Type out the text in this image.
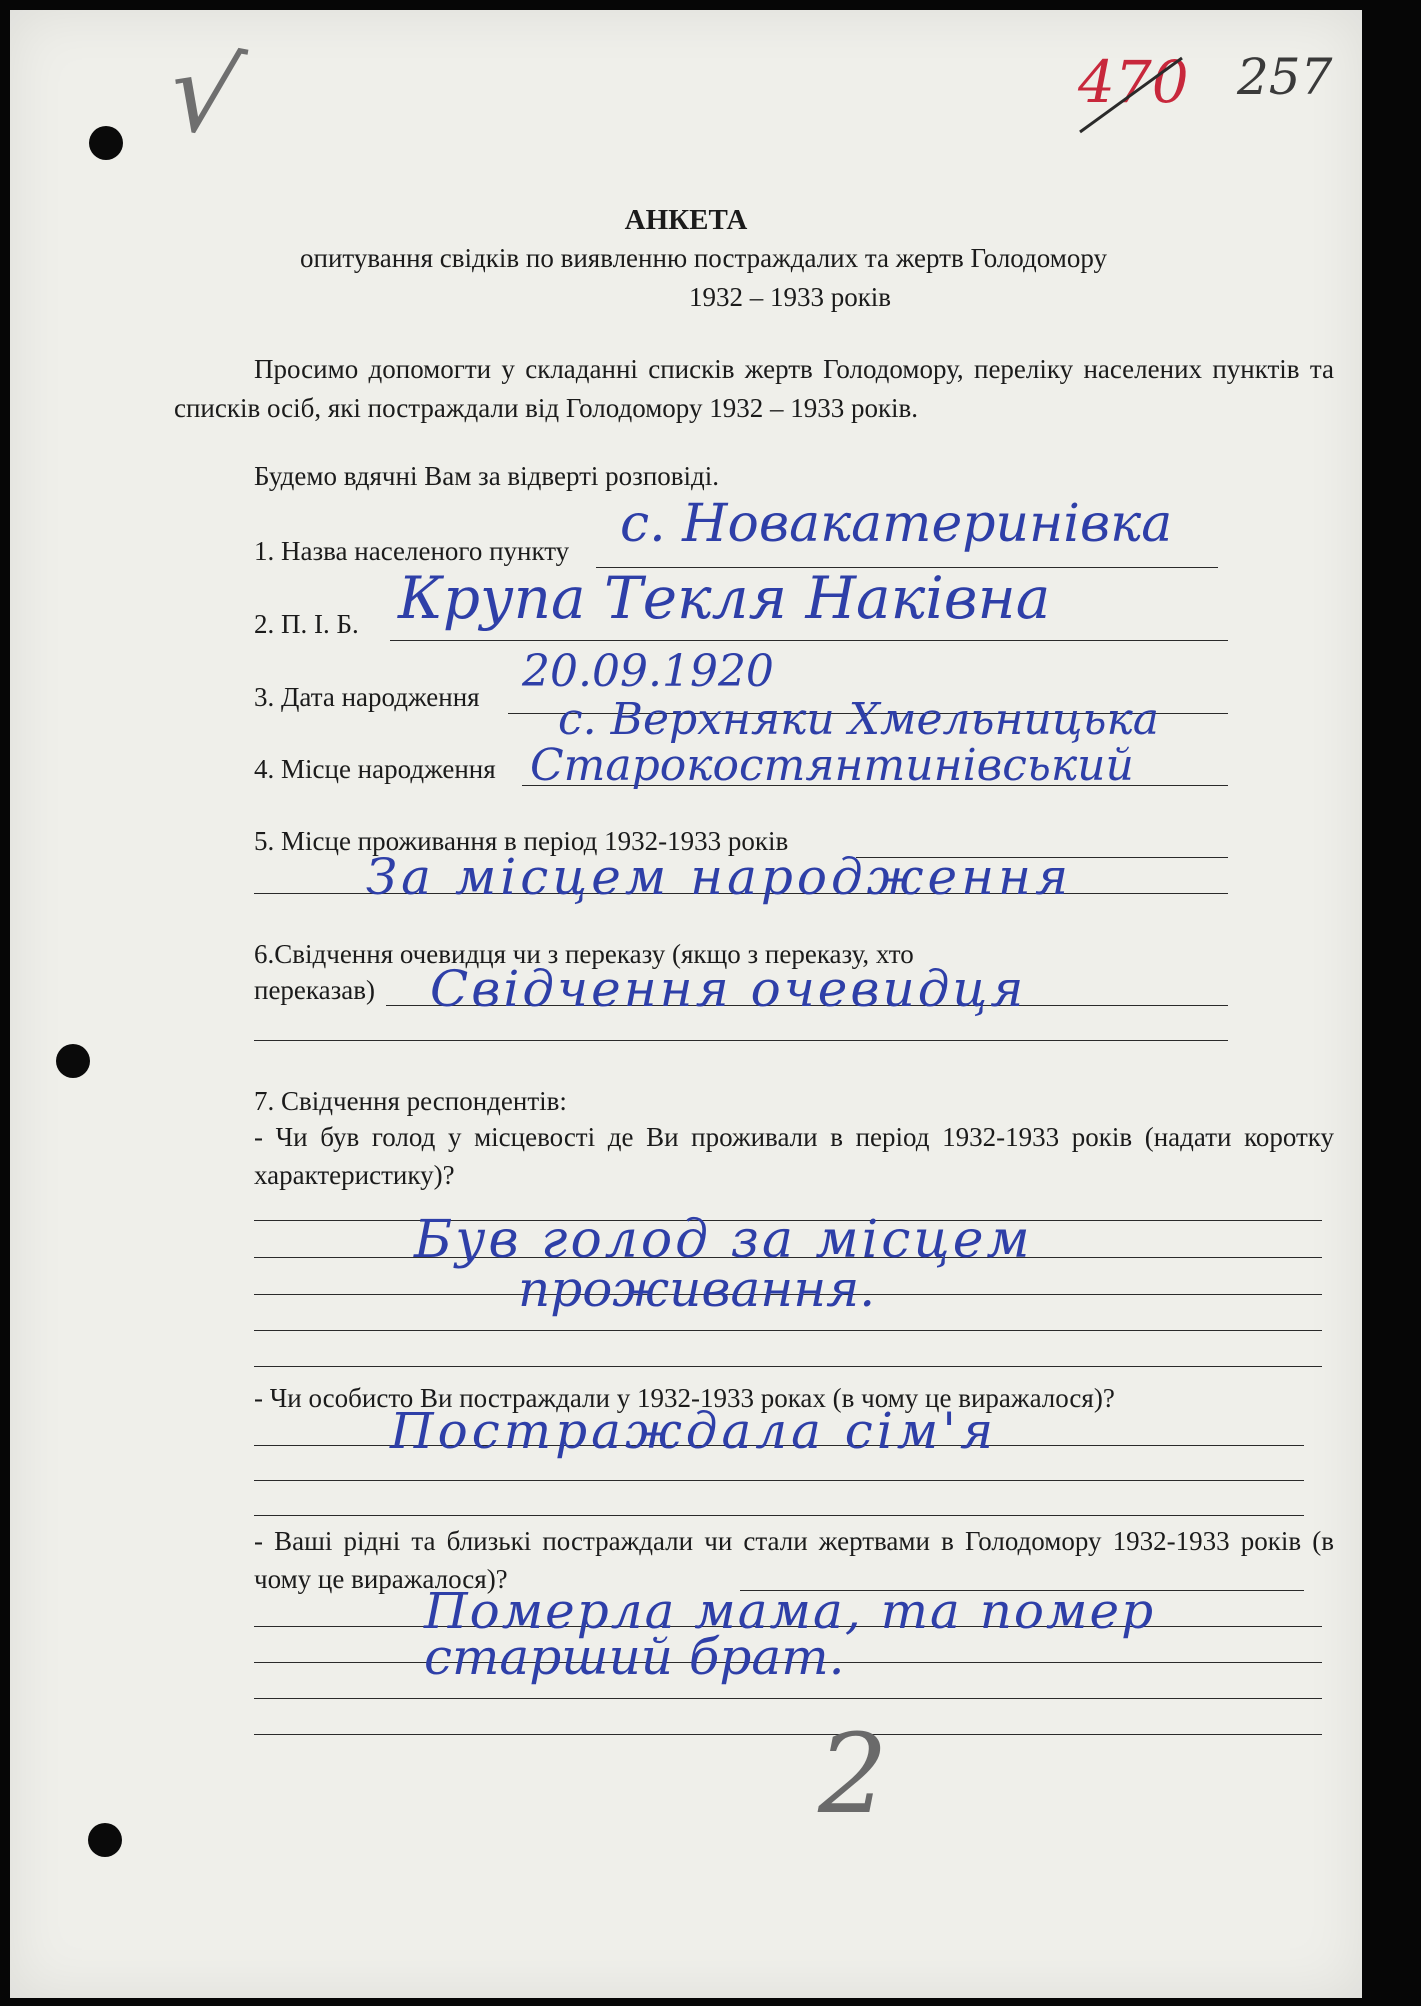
√	470 257
АНКЕТА
опитування свідків по виявленню постраждалих та жертв Голодомору
1932 – 1933 років
Просимо допомогти у складанні списків жертв Голодомору, переліку населених пунктів та списків осіб, які постраждали від Голодомору 1932 – 1933 років.
Будемо вдячні Вам за відверті розповіді.
1. Назва населеного пункту с. Новакатеринівка
2. П. І. Б. Крупа Текля Наківна
3. Дата народження 20.09.1920
с. Верхняки Хмельницька
4. Місце народження Старокостянтинівський
5. Місце проживання в період 1932-1933 років
За місцем народження
6.Свідчення очевидця чи з переказу (якщо з переказу, хто
переказав) Свідчення очевидця
7. Свідчення респондентів:
- Чи був голод у місцевості де Ви проживали в період 1932-1933 років (надати коротку характеристику)?
Був голод за місцем
проживання.
- Чи особисто Ви постраждали у 1932-1933 роках (в чому це виражалося)?
Постраждала сім'я
- Ваші рідні та близькі постраждали чи стали жертвами в Голодомору 1932-1933 років (в чому це виражалося)?
Померла мама, та помер
старший брат.
2
